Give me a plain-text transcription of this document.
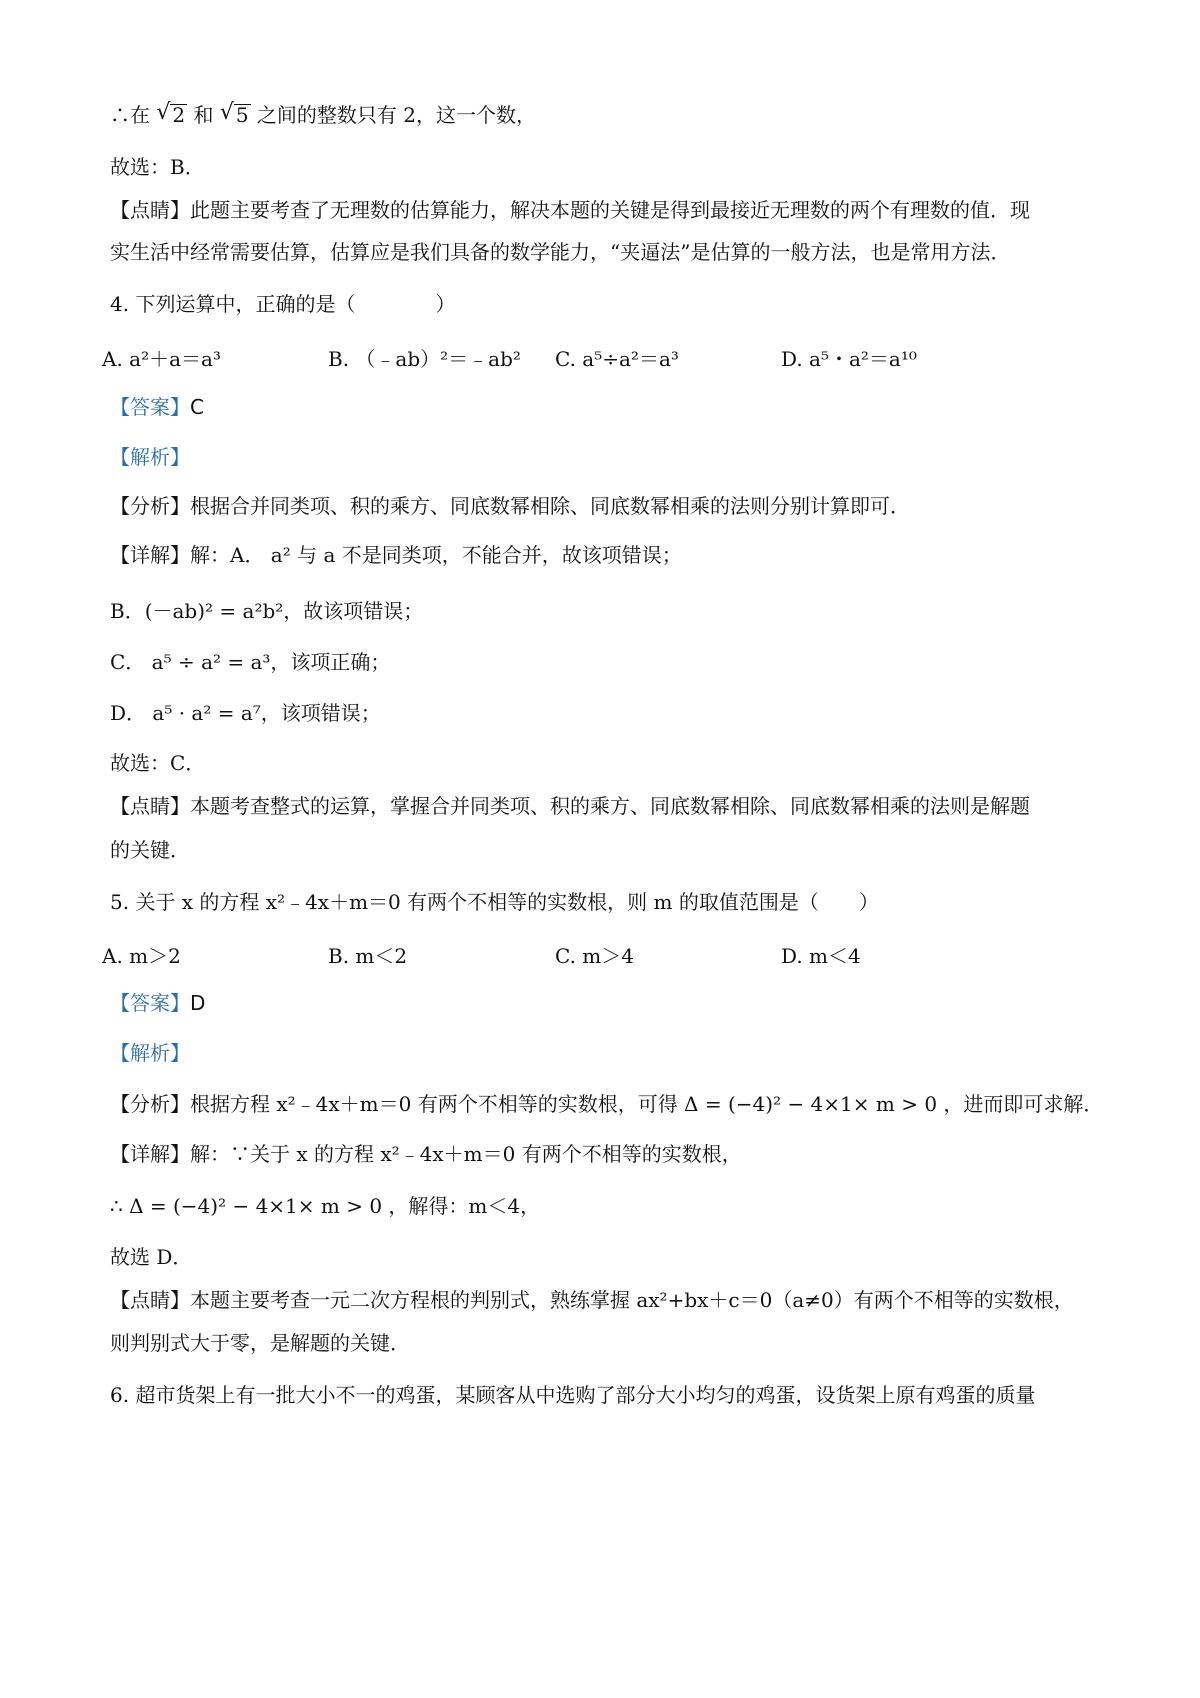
∴在 √ 2 和 √ 5 之间的整数只有 2，这一个数，
故选：B．
【点睛】此题主要考查了无理数的估算能力，解决本题的关键是得到最接近无理数的两个有理数的值．现
实生活中经常需要估算，估算应是我们具备的数学能力，“夹逼法”是估算的一般方法，也是常用方法．
4. 下列运算中，正确的是（　　　　）
A. a²＋a＝a³	B. （﹣ab）²＝﹣ab² C. a⁵÷a²＝a³	D. a⁵・a²＝a¹⁰
【答案】C
【解析】
【分析】根据合并同类项、积的乘方、同底数幂相除、同底数幂相乘的法则分别计算即可．
【详解】解：A． a² 与 a 不是同类项，不能合并，故该项错误；
B．(－ab)² = a²b²，故该项错误；
C． a⁵ ÷ a² = a³，该项正确；
D． a⁵ · a² = a⁷，该项错误；
故选：C．
【点睛】本题考查整式的运算，掌握合并同类项、积的乘方、同底数幂相除、同底数幂相乘的法则是解题
的关键．
5. 关于 x 的方程 x²﹣4x＋m＝0 有两个不相等的实数根，则 m 的取值范围是（　　）
A. m＞2	B. m＜2	C. m＞4	D. m＜4
【答案】D
【解析】
【分析】根据方程 x²﹣4x＋m＝0 有两个不相等的实数根，可得 Δ = (−4)² − 4×1× m > 0 ，进而即可求解．
【详解】解：∵关于 x 的方程 x²﹣4x＋m＝0 有两个不相等的实数根，
∴ Δ = (−4)² − 4×1× m > 0 ，解得：m＜4，
故选 D．
【点睛】本题主要考查一元二次方程根的判别式，熟练掌握 ax²+bx＋c＝0（a≠0）有两个不相等的实数根，
则判别式大于零，是解题的关键．
6. 超市货架上有一批大小不一的鸡蛋，某顾客从中选购了部分大小均匀的鸡蛋，设货架上原有鸡蛋的质量
